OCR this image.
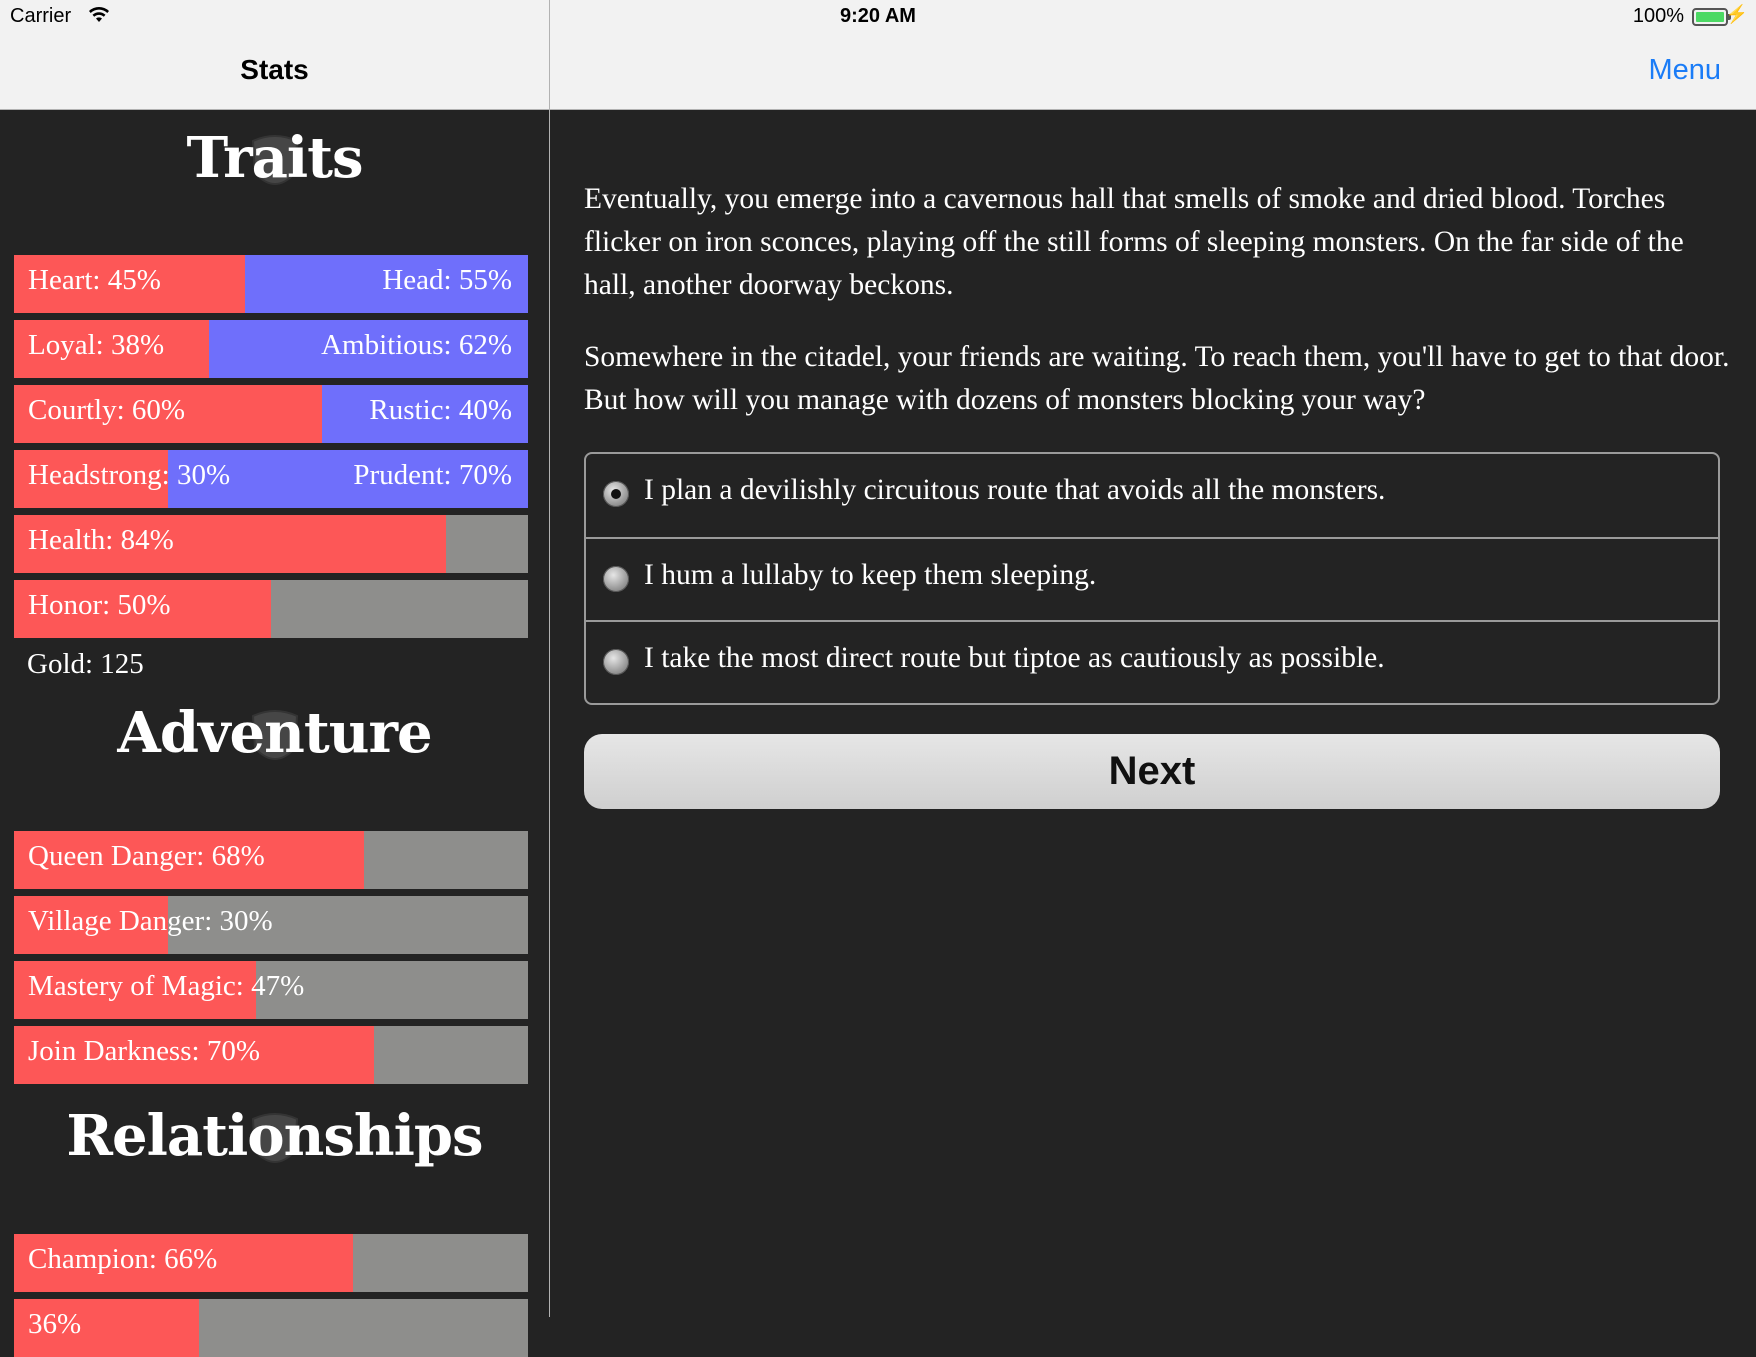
Carrier	9:20 AM	100% ⚡
Stats	Menu
Traits
Heart: 45%	Head: 55%
Loyal: 38%	Ambitious: 62%
Courtly: 60%	Rustic: 40%
Headstrong: 30%	Prudent: 70%
Health: 84%
Honor: 50%
Gold: 125
Adventure
Queen Danger: 68%
Village Danger: 30%
Mastery of Magic: 47%
Join Darkness: 70%
Relationships
Champion: 66%
36%

Eventually, you emerge into a cavernous hall that smells of smoke and dried blood. Torches flicker on iron sconces, playing off the still forms of sleeping monsters. On the far side of the hall, another doorway beckons.

Somewhere in the citadel, your friends are waiting. To reach them, you'll have to get to that door. But how will you manage with dozens of monsters blocking your way?

I plan a devilishly circuitous route that avoids all the monsters.
I hum a lullaby to keep them sleeping.
I take the most direct route but tiptoe as cautiously as possible.
Next
